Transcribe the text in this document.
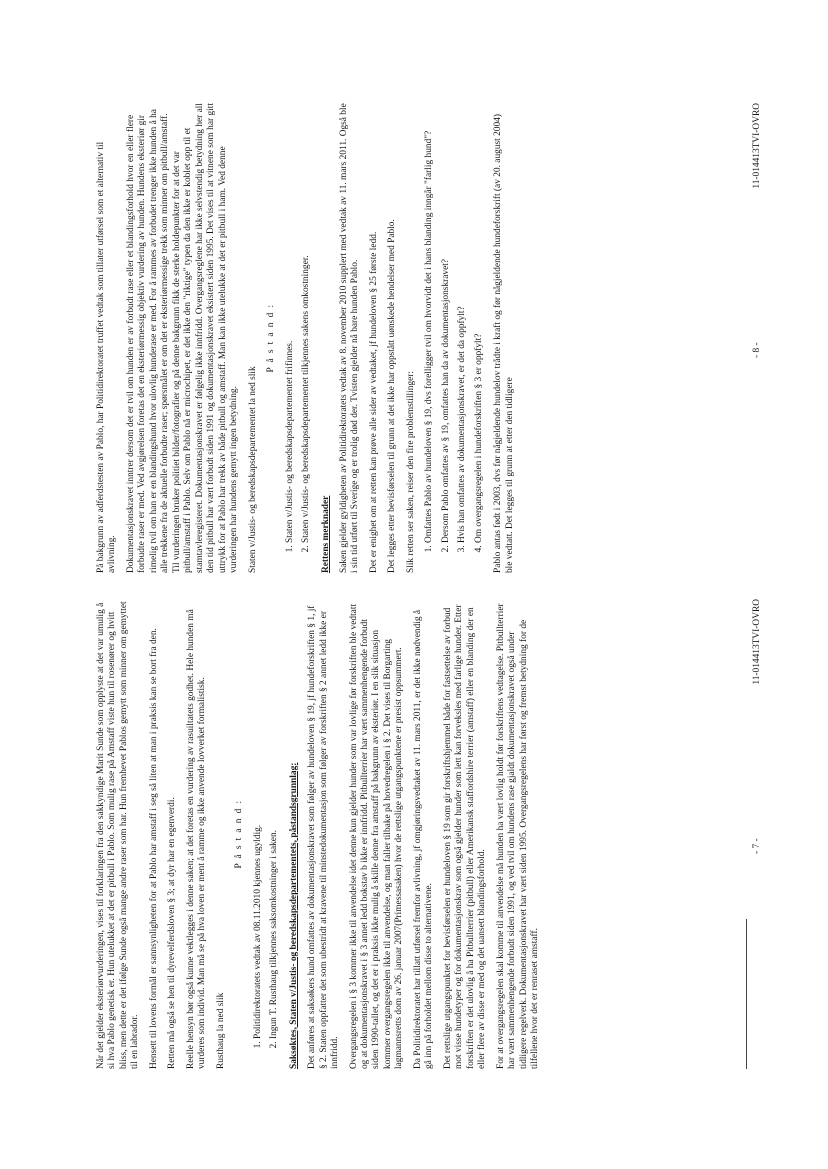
Når det gjelder eksteriørvurderingen, vises til forklaringen fra den sakkyndige Marit Sunde som opplyste at det var umulig å si hva Pablo genetisk er. Hun utelukket at det er pitbull i Pablo. Som mulig rase på Amstaff viste hun til rosenører og hvitt bliss, men dette er det ifølge Sunde også mange andre raser som har. Hun fremhevet Pablos gemytt som minner om gemyttet til en labrador. Hensett til lovens formål er sannsynligheten for at Pablo har amstaff i seg så liten at man i praksis kan se bort fra den. Retten må også se hen til dyrevelferdsloven § 3; at dyr har en egenverdi. Reelle hensyn bør også kunne vektlegges i denne saken; at det foretas en vurdering av rasuiltatets godhet. Hele hunden må vurderes som individ. Man må se på hva loven er ment å ramme og ikke anvende lovverket formalistisk. Rusthaug la ned slik

P å s t a n d : 1. Politidirektoratets vedtak av 08.11.2010 kjennes ugyldig. 2. Ingun T. Rusthaug tilkjennes saksomkostninger i saken. Saksøktes, Staten v/Justis- og beredskapsdepartementets, påstandsgrunnlag: Det anføres at saksøkers hund omfattes av dokumentasjonskravet som følger av hundeloven § 19, jf hundeforskriften § 1, jf § 2. Staten oppfatter det som ubestridt at kravene til minstedokumentasjon som følger av forskriften § 2 annet ledd ikke er innfridd. Overgangsregelen i § 3 kommer ikke til anvendelse idet denne kun gjelder hunder som var lovlige før forskriften ble vedtatt og at dokumentasjonskravet i § 3 annet ledd bokstav b ikke er innfridd. Pitbullterrier har vært sammenhengende forbudt siden 1990-tallet, og det er i praksis ikke mulig å skille denne fra amstaff på bakgrunn av eksteriør. I en slik situasjon kommer overgangsregelen ikke til anvendelse, og man faller tilbake på hovedregelen i § 2. Det vises til Borgarting lagmannsretts dom av 26. januar 2007(Primessasaken) hvor de rettslige utgangspunktene er presist oppsummert. Da Politidirektoratet har tillatt utførsel fremfor avlivning, jf omgjøringsvedtaket av 11. mars 2011, er det ikke nødvendig å gå inn på forholdet mellom disse to alternativene. Det rettslige utgangspunktet for bevisførselen er hundeloven § 19 som gir forskriftshjemmel både for fastsettelse av forbud mot visse hundetyper og for dokumentasjonskrav som også gjelder hunder som lett kan forveksles med farlige hunder. Etter forskriften er det ulovlig å ha Pitbullterrier (pitbull) eller Amerikansk staffordshire terrier (amstaff) eller en blanding der en eller flere av disse er med og det uansett blandingsforhold. For at overgangsregelen skal komme til anvendelse må hunden ha vært lovlig holdt før forskriftens vedtagelse. Pitbullterrier har vært sammenhengende forbudt siden 1991, og ved tvil om hundens rase gjaldt dokumentasjonskravet også under tidligere regelverk. Dokumentasjonskravet har vært siden 1995. Overgangsregelens har først og fremst betydning for de tilfellene hvor det er renraset amstaff.

- 7 -
11-014413TVI-OVRO

På bakgrunn av adferdstesten av Pablo, har Politidirektoratet truffet vedtak som tillater utførsel som et alternativ til avlivning. Dokumentasjonskravet inntrer dersom det er tvil om hunden er av forbudt rase eller et blandingsforhold hvor en eller flere forbudte raser er med. Ved avgjørelsen foretas det en eksteriørmessig objektiv vurdering av hunden. Hundens eksteriør gir rimelig tvil om han er en blandingshund hvor ulovlig hunderase er med. For å rammes av forbudet trenger ikke hunden å ha alle trekkene fra de aktuelle forbudte raser; spørsmålet er om det er eksteriørmessige trekk som minner om pitbull/amstaff. Til vurderingen bruker politiet bilder/fotografier og på denne bakgrunn fikk de sterke holdepunkter for at det var pitbull/amstaff i Pablo. Selv om Pablo nå er microchipet, er det ikke den "riktige" typen da den ikke er koblet opp til et stamtavleregisteret. Dokumentasjonskravet er følgelig ikke innfridd. Overgangsreglene har ikke selvstendig betydning her all den tid pitbull har vært forbudt siden 1991 og dokumentasjonskravet eksistert siden 1995. Det vises til at vitnene som har gitt uttrykk for at Pablo har trekk av både pitbull og amstaff. Man kan ikke utelukke at det er pitbull i ham. Ved denne vurderingen har hundens gemytt ingen betydning. Staten v/Justis- og beredskapsdepartementet la ned slik

P å s t a n d :

1. Staten v/Justis- og beredskapsdepartementet frifinnes. 2. Staten v/Justis- og beredskapsdepartementet tilkjennes sakens omkostninger. Rettens merknader Saken gjelder gyldigheten av Politidirektoratets vedtak av 8. november 2010 supplert med vedtak av 11. mars 2011. Også ble i sin tid utført til Sverige og er trolig død der. Tvisten gjelder nå bare hunden Pablo. Det er enighet om at retten kan prøve alle sider av vedtaket, jf hundeloven § 25 første ledd. Det legges etter bevisførselen til grunn at det ikke har oppstått uønskede hendelser med Pablo. Slik retten ser saken, reiser den fire problemstillinger: 1. Omfattes Pablo av hundeloven § 19, dvs forelligger tvil om hvorvidt det i hans blanding inngår "farlig hund"? 2. Dersom Pablo omfattes av § 19, omfattes han da av dokumentasjonskravet? 3. Hvis han omfattes av dokumentasjonskravet, er det da oppfylt? 4. Om overgangsregelen i hundeforskriften § 3 er oppfylt? Pablo antas født i 2003, dvs før någjeldende hundelov trådte i kraft og før någjeldende hundeforskrift (av 20. august 2004) ble vedtatt. Det legges til grunn at etter den tidligere

- 8 -
11-014413TVI-OVRO
